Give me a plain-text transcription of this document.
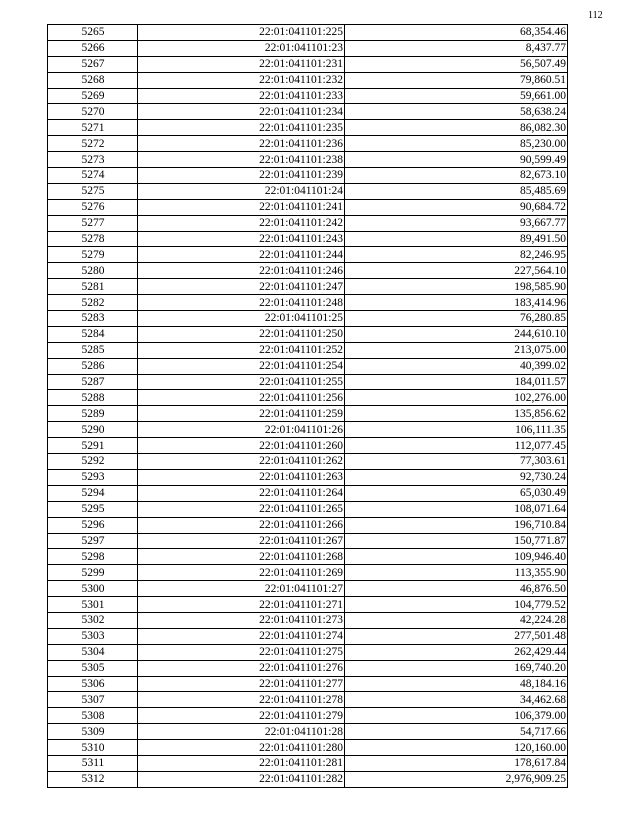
112
5265	22:01:041101:225	68,354.46
5266	22:01:041101:23	8,437.77
5267	22:01:041101:231	56,507.49
5268	22:01:041101:232	79,860.51
5269	22:01:041101:233	59,661.00
5270	22:01:041101:234	58,638.24
5271	22:01:041101:235	86,082.30
5272	22:01:041101:236	85,230.00
5273	22:01:041101:238	90,599.49
5274	22:01:041101:239	82,673.10
5275	22:01:041101:24	85,485.69
5276	22:01:041101:241	90,684.72
5277	22:01:041101:242	93,667.77
5278	22:01:041101:243	89,491.50
5279	22:01:041101:244	82,246.95
5280	22:01:041101:246	227,564.10
5281	22:01:041101:247	198,585.90
5282	22:01:041101:248	183,414.96
5283	22:01:041101:25	76,280.85
5284	22:01:041101:250	244,610.10
5285	22:01:041101:252	213,075.00
5286	22:01:041101:254	40,399.02
5287	22:01:041101:255	184,011.57
5288	22:01:041101:256	102,276.00
5289	22:01:041101:259	135,856.62
5290	22:01:041101:26	106,111.35
5291	22:01:041101:260	112,077.45
5292	22:01:041101:262	77,303.61
5293	22:01:041101:263	92,730.24
5294	22:01:041101:264	65,030.49
5295	22:01:041101:265	108,071.64
5296	22:01:041101:266	196,710.84
5297	22:01:041101:267	150,771.87
5298	22:01:041101:268	109,946.40
5299	22:01:041101:269	113,355.90
5300	22:01:041101:27	46,876.50
5301	22:01:041101:271	104,779.52
5302	22:01:041101:273	42,224.28
5303	22:01:041101:274	277,501.48
5304	22:01:041101:275	262,429.44
5305	22:01:041101:276	169,740.20
5306	22:01:041101:277	48,184.16
5307	22:01:041101:278	34,462.68
5308	22:01:041101:279	106,379.00
5309	22:01:041101:28	54,717.66
5310	22:01:041101:280	120,160.00
5311	22:01:041101:281	178,617.84
5312	22:01:041101:282	2,976,909.25
